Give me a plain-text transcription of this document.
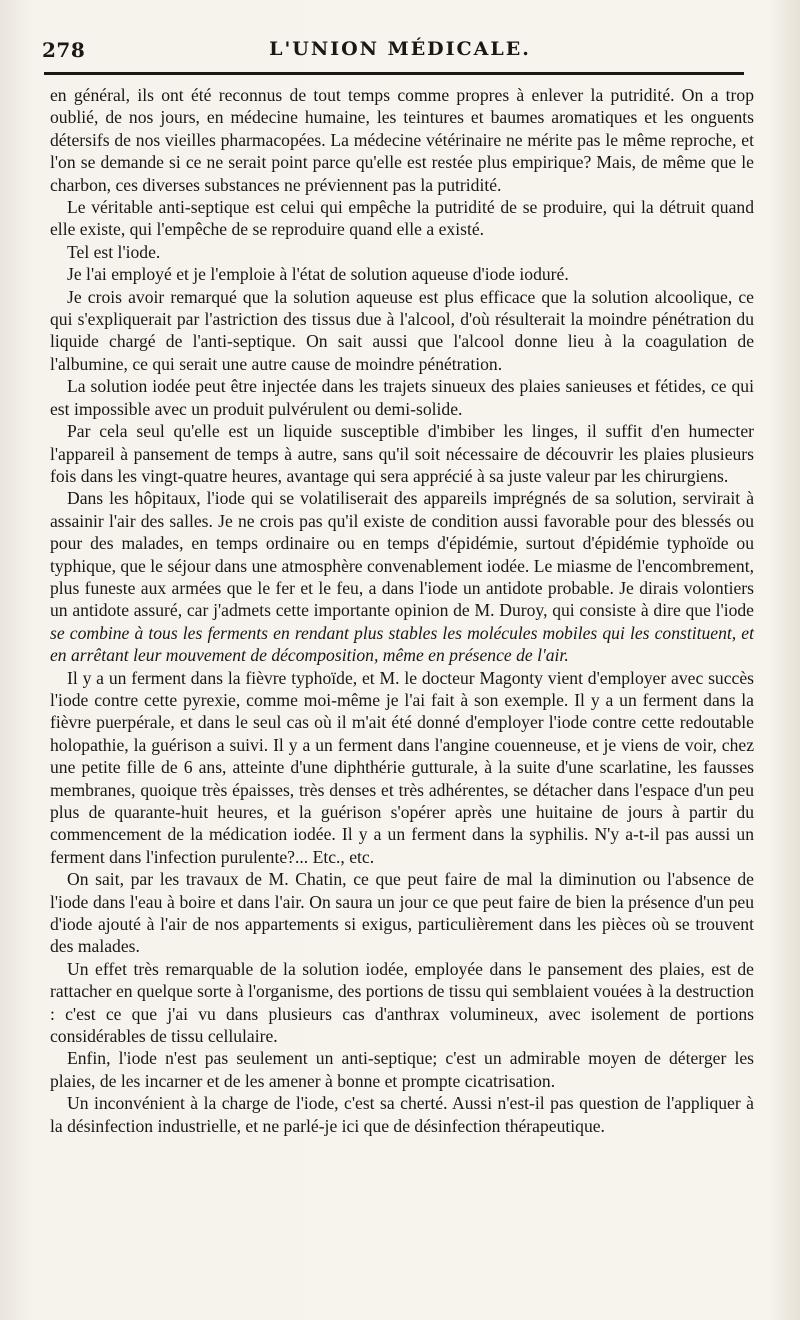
278	L'UNION MÉDICALE.

en général, ils ont été reconnus de tout temps comme propres à enlever la putridité. On a trop oublié, de nos jours, en médecine humaine, les teintures et baumes aromatiques et les onguents détersifs de nos vieilles pharmacopées. La médecine vétérinaire ne mérite pas le même reproche, et l'on se demande si ce ne serait point parce qu'elle est restée plus empirique? Mais, de même que le charbon, ces diverses substances ne préviennent pas la putridité.

Le véritable anti-septique est celui qui empêche la putridité de se produire, qui la détruit quand elle existe, qui l'empêche de se reproduire quand elle a existé.

Tel est l'iode.

Je l'ai employé et je l'emploie à l'état de solution aqueuse d'iode ioduré.

Je crois avoir remarqué que la solution aqueuse est plus efficace que la solution alcoolique, ce qui s'expliquerait par l'astriction des tissus due à l'alcool, d'où résulterait la moindre pénétration du liquide chargé de l'anti-septique. On sait aussi que l'alcool donne lieu à la coagulation de l'albumine, ce qui serait une autre cause de moindre pénétration.

La solution iodée peut être injectée dans les trajets sinueux des plaies sanieuses et fétides, ce qui est impossible avec un produit pulvérulent ou demi-solide.

Par cela seul qu'elle est un liquide susceptible d'imbiber les linges, il suffit d'en humecter l'appareil à pansement de temps à autre, sans qu'il soit nécessaire de découvrir les plaies plusieurs fois dans les vingt-quatre heures, avantage qui sera apprécié à sa juste valeur par les chirurgiens.

Dans les hôpitaux, l'iode qui se volatiliserait des appareils imprégnés de sa solution, servirait à assainir l'air des salles. Je ne crois pas qu'il existe de condition aussi favorable pour des blessés ou pour des malades, en temps ordinaire ou en temps d'épidémie, surtout d'épidémie typhoïde ou typhique, que le séjour dans une atmosphère convenablement iodée. Le miasme de l'encombrement, plus funeste aux armées que le fer et le feu, a dans l'iode un antidote probable. Je dirais volontiers un antidote assuré, car j'admets cette importante opinion de M. Duroy, qui consiste à dire que l'iode se combine à tous les ferments en rendant plus stables les molécules mobiles qui les constituent, et en arrêtant leur mouvement de décomposition, même en présence de l'air.

Il y a un ferment dans la fièvre typhoïde, et M. le docteur Magonty vient d'employer avec succès l'iode contre cette pyrexie, comme moi-même je l'ai fait à son exemple. Il y a un ferment dans la fièvre puerpérale, et dans le seul cas où il m'ait été donné d'employer l'iode contre cette redoutable holopathie, la guérison a suivi. Il y a un ferment dans l'angine couenneuse, et je viens de voir, chez une petite fille de 6 ans, atteinte d'une diphthérie gutturale, à la suite d'une scarlatine, les fausses membranes, quoique très épaisses, très denses et très adhérentes, se détacher dans l'espace d'un peu plus de quarante-huit heures, et la guérison s'opérer après une huitaine de jours à partir du commencement de la médication iodée. Il y a un ferment dans la syphilis. N'y a-t-il pas aussi un ferment dans l'infection purulente?... Etc., etc.

On sait, par les travaux de M. Chatin, ce que peut faire de mal la diminution ou l'absence de l'iode dans l'eau à boire et dans l'air. On saura un jour ce que peut faire de bien la présence d'un peu d'iode ajouté à l'air de nos appartements si exigus, particulièrement dans les pièces où se trouvent des malades.

Un effet très remarquable de la solution iodée, employée dans le pansement des plaies, est de rattacher en quelque sorte à l'organisme, des portions de tissu qui semblaient vouées à la destruction : c'est ce que j'ai vu dans plusieurs cas d'anthrax volumineux, avec isolement de portions considérables de tissu cellulaire.

Enfin, l'iode n'est pas seulement un anti-septique; c'est un admirable moyen de déterger les plaies, de les incarner et de les amener à bonne et prompte cicatrisation.

Un inconvénient à la charge de l'iode, c'est sa cherté. Aussi n'est-il pas question de l'appliquer à la désinfection industrielle, et ne parlé-je ici que de désinfection thérapeutique.
